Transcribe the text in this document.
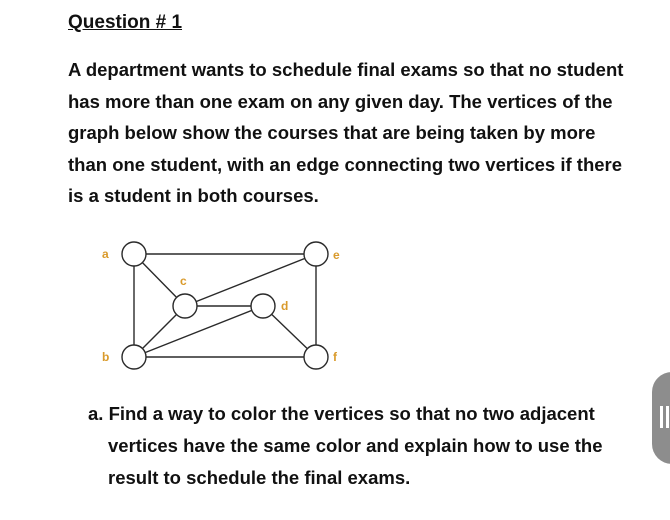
Question # 1

A department wants to schedule final exams so that no student has more than one exam on any given day. The vertices of the graph below show the courses that are being taken by more than one student, with an edge connecting two vertices if there is a student in both courses.

a
b
c
d
e
f

a. Find a way to color the vertices so that no two adjacent vertices have the same color and explain how to use the result to schedule the final exams.
